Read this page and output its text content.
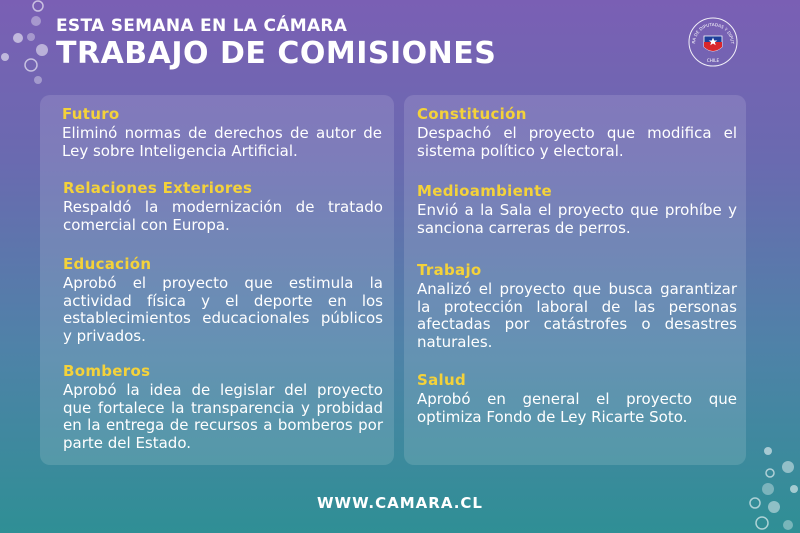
ESTA SEMANA EN LA CÁMARA
TRABAJO DE COMISIONES	RA DE DIPUTADAS Y DIPUT
CHILE
Futuro
Eliminó normas de derechos de autor de Ley sobre Inteligencia Artificial.
Relaciones Exteriores
Respaldó la modernización de tratado comercial con Europa.
Educación
Aprobó el proyecto que estimula la actividad física y el deporte en los establecimientos educacionales públicos y privados.
Bomberos
Aprobó la idea de legislar del proyecto que fortalece la transparencia y probidad en la entrega de recursos a bomberos por parte del Estado.
Constitución
Despachó el proyecto que modifica el sistema político y electoral.
Medioambiente
Envió a la Sala el proyecto que prohíbe y sanciona carreras de perros.
Trabajo
Analizó el proyecto que busca garantizar la protección laboral de las personas afectadas por catástrofes o desastres naturales.
Salud
Aprobó en general el proyecto que optimiza Fondo de Ley Ricarte Soto.
WWW.CAMARA.CL
